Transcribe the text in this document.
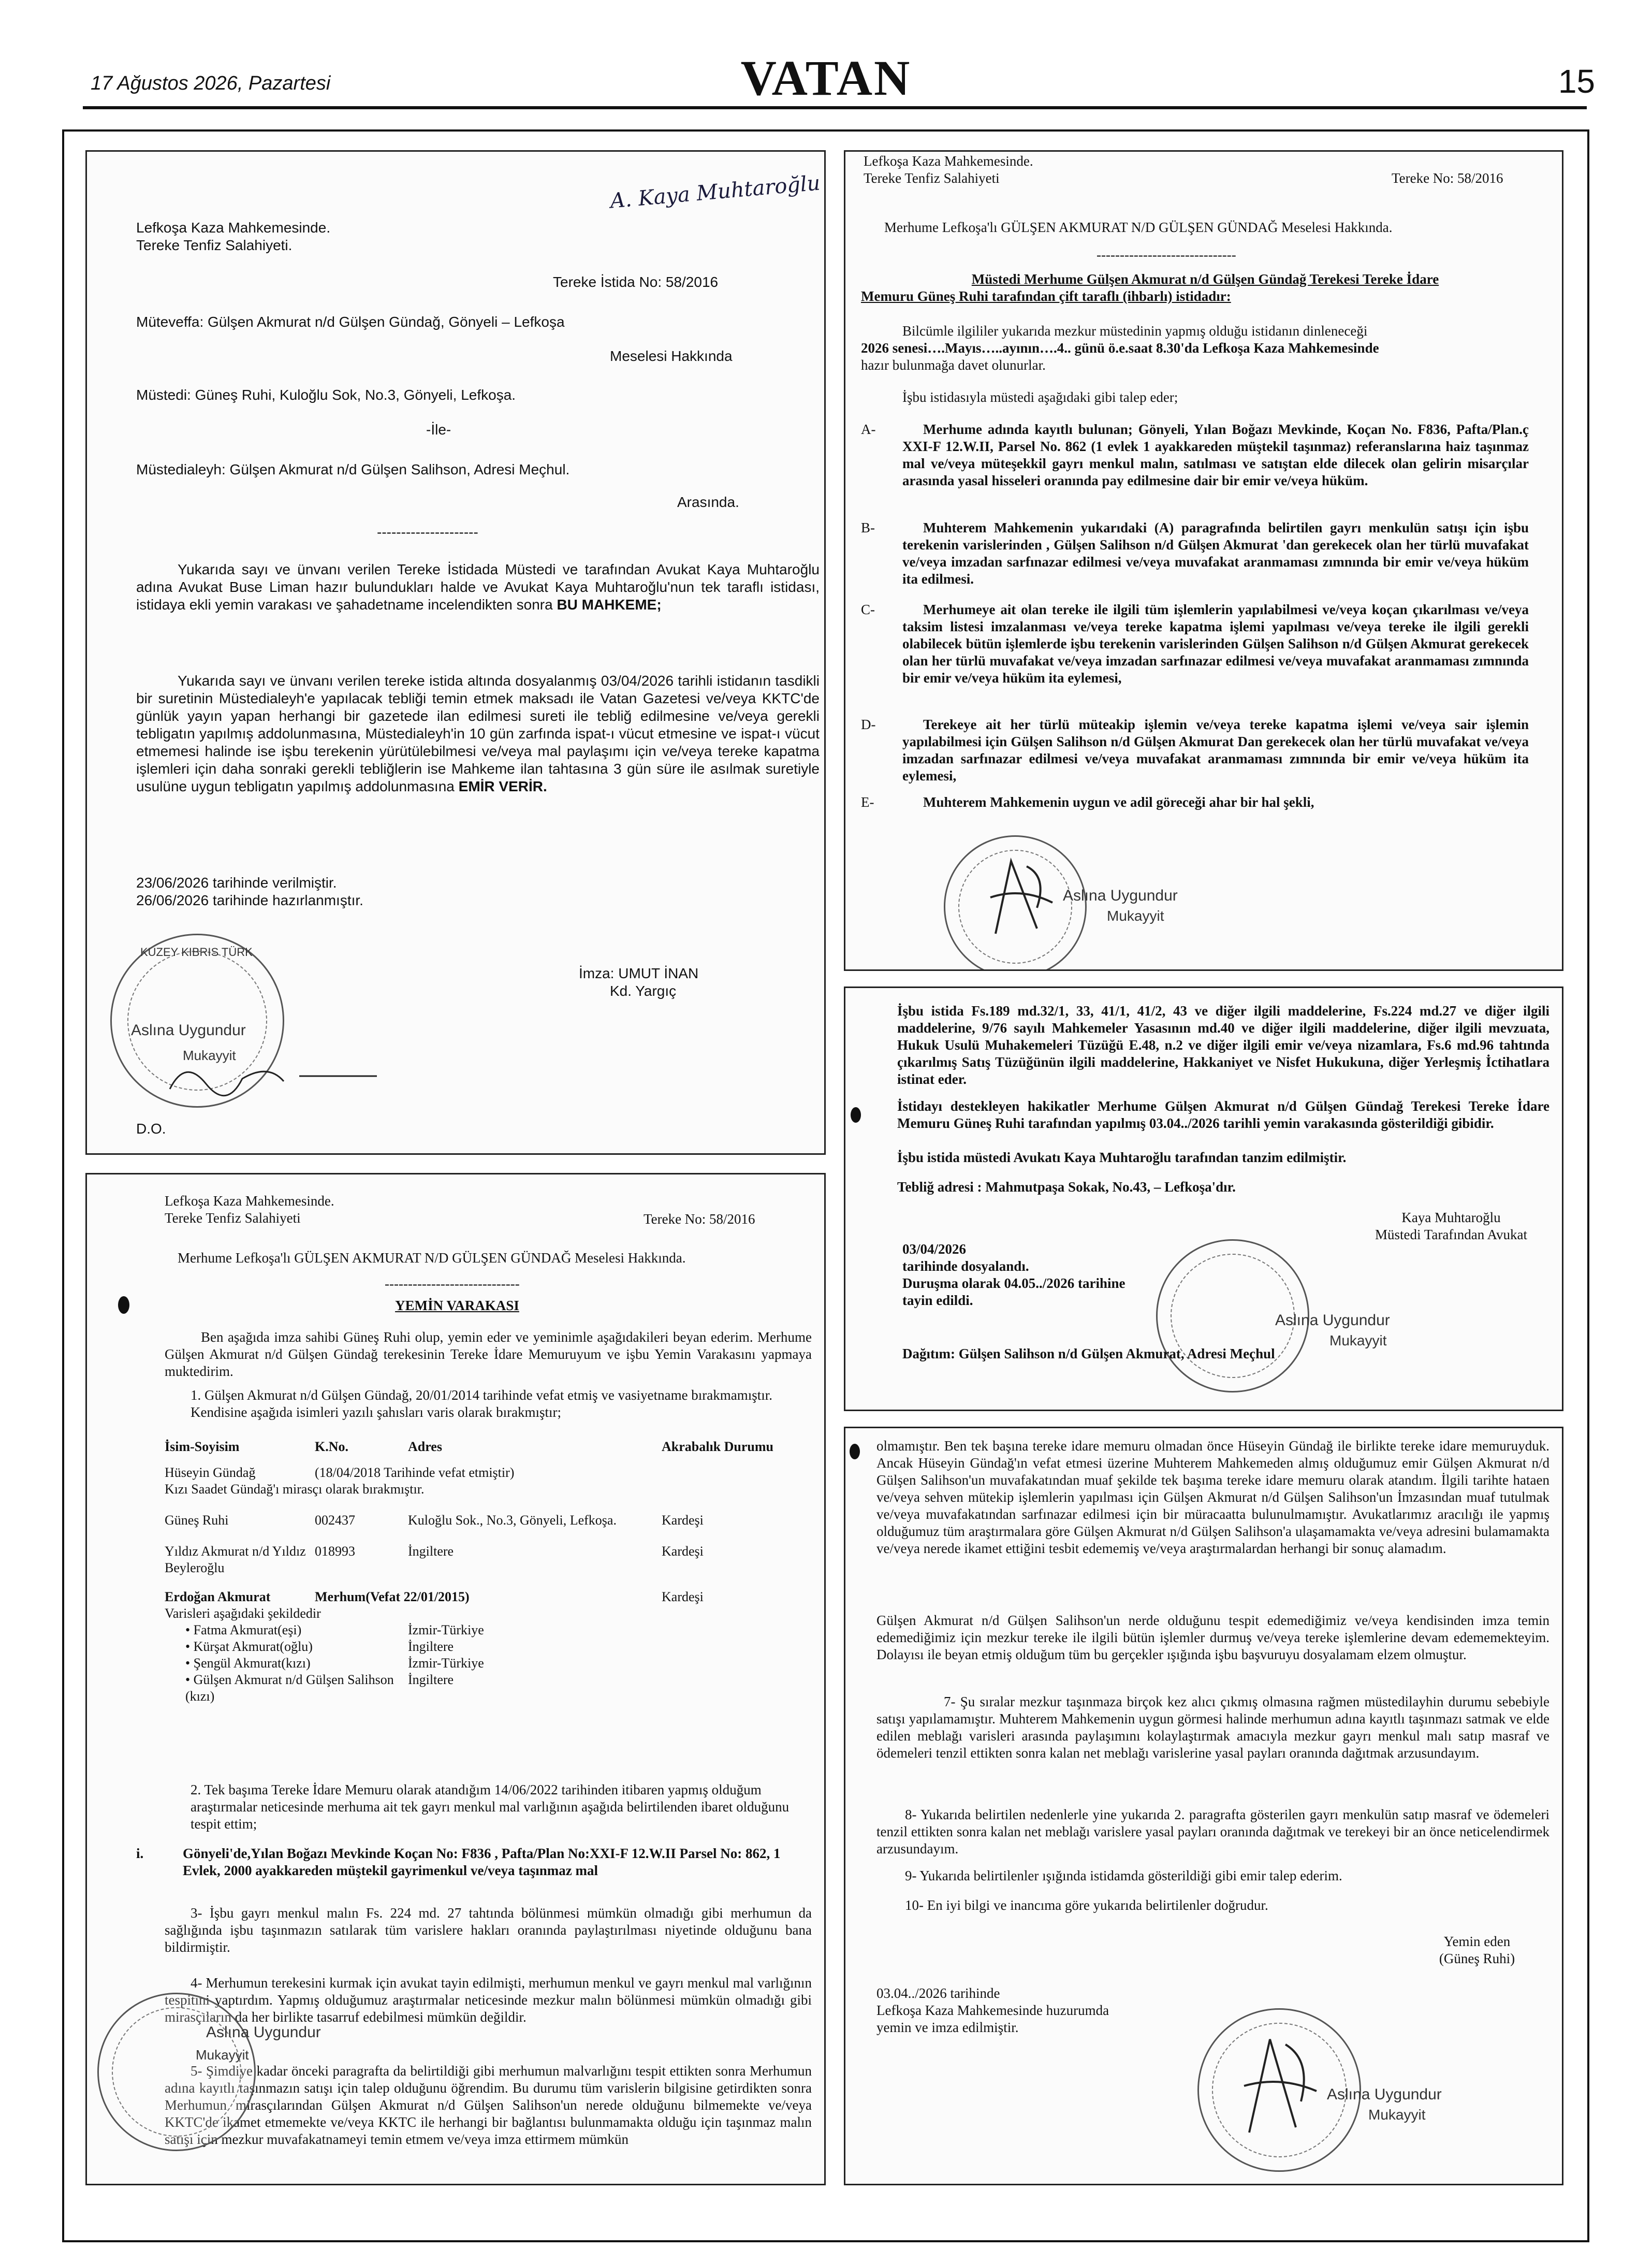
17 Ağustos 2026, Pazartesi	VATAN	15
A. Kaya Muhtaroğlu

Lefkoşa Kaza Mahkemesinde.

Tereke Tenfiz Salahiyeti.

Tereke İstida No: 58/2016
Müteveffa: Gülşen Akmurat n/d Gülşen Gündağ, Gönyeli – Lefkoşa
Meselesi Hakkında
Müstedi: Güneş Ruhi, Kuloğlu Sok, No.3, Gönyeli, Lefkoşa.
-İle-
Müstedialeyh: Gülşen Akmurat n/d Gülşen Salihson, Adresi Meçhul.
Arasında.
---------------------
Yukarıda sayı ve ünvanı verilen Tereke İstidada Müstedi ve tarafından Avukat Kaya Muhtaroğlu adına Avukat Buse Liman hazır bulundukları halde ve Avukat Kaya Muhtaroğlu'nun tek taraflı istidası, istidaya ekli yemin varakası ve şahadetname incelendikten sonra BU MAHKEME;
Yukarıda sayı ve ünvanı verilen tereke istida altında dosyalanmış 03/04/2026 tarihli istidanın tasdikli bir suretinin Müstedialeyh'e yapılacak tebliği temin etmek maksadı ile Vatan Gazetesi ve/veya KKTC'de günlük yayın yapan herhangi bir gazetede ilan edilmesi sureti ile tebliğ edilmesine ve/veya gerekli tebligatın yapılmış addolunmasına, Müstedialeyh'in 10 gün zarfında ispat-ı vücut etmesine ve ispat-ı vücut etmemesi halinde ise işbu terekenin yürütülebilmesi ve/veya mal paylaşımı için ve/veya tereke kapatma işlemleri için daha sonraki gerekli tebliğlerin ise Mahkeme ilan tahtasına 3 gün süre ile asılmak suretiyle usulüne uygun tebligatın yapılmış addolunmasına EMİR VERİR.

23/06/2026 tarihinde verilmiştir.

26/06/2026 tarihinde hazırlanmıştır.

İmza: UMUT İNAN

Kd. Yargıç

KUZEY KIBRIS TÜRK
Aslına Uygundur
Mukayyit
D.O.

Lefkoşa Kaza Mahkemesinde.

Tereke Tenfiz Salahiyeti	Tereke No: 58/2016
Merhume Lefkoşa'lı GÜLŞEN AKMURAT N/D GÜLŞEN GÜNDAĞ Meselesi Hakkında.
------------------------------

Müstedi Merhume Gülşen Akmurat n/d Gülşen Gündağ Terekesi Tereke İdare

Memuru Güneş Ruhi tarafından çift taraflı (ihbarlı) istidadır:

Bilcümle ilgililer yukarıda mezkur müstedinin yapmış olduğu istidanın dinleneceği

2026 senesi….Mayıs…..ayının….4.. günü ö.e.saat 8.30'da Lefkoşa Kaza Mahkemesinde

hazır bulunmağa davet olunurlar.

İşbu istidasıyla müstedi aşağıdaki gibi talep eder;
A-	Merhume adında kayıtlı bulunan; Gönyeli, Yılan Boğazı Mevkinde, Koçan No. F836, Pafta/Plan.ç XXI-F 12.W.II, Parsel No. 862 (1 evlek 1 ayakkareden müştekil taşınmaz) referanslarına haiz taşınmaz mal ve/veya müteşekkil gayrı menkul malın, satılması ve satıştan elde dilecek olan gelirin misarçılar arasında yasal hisseleri oranında pay edilmesine dair bir emir ve/veya hüküm.
B-	Muhterem Mahkemenin yukarıdaki (A) paragrafında belirtilen gayrı menkulün satışı için işbu terekenin varislerinden , Gülşen Salihson n/d Gülşen Akmurat 'dan gerekecek olan her türlü muvafakat ve/veya imzadan sarfınazar edilmesi ve/veya muvafakat aranmaması zımnında bir emir ve/veya hüküm ita edilmesi.
C-	Merhumeye ait olan tereke ile ilgili tüm işlemlerin yapılabilmesi ve/veya koçan çıkarılması ve/veya taksim listesi imzalanması ve/veya tereke kapatma işlemi yapılması ve/veya tereke ile ilgili gerekli olabilecek bütün işlemlerde işbu terekenin varislerinden Gülşen Salihson n/d Gülşen Akmurat gerekecek olan her türlü muvafakat ve/veya imzadan sarfınazar edilmesi ve/veya muvafakat aranmaması zımnında bir emir ve/veya hüküm ita eylemesi,
D-	Terekeye ait her türlü müteakip işlemin ve/veya tereke kapatma işlemi ve/veya sair işlemin yapılabilmesi için Gülşen Salihson n/d Gülşen Akmurat Dan gerekecek olan her türlü muvafakat ve/veya imzadan sarfınazar edilmesi ve/veya muvafakat aranmaması zımnında bir emir ve/veya hüküm ita eylemesi,
E-	Muhterem Mahkemenin uygun ve adil göreceği ahar bir hal şekli,
Aslına Uygundur
Mukayyit
İşbu istida Fs.189 md.32/1, 33, 41/1, 41/2, 43 ve diğer ilgili maddelerine, Fs.224 md.27 ve diğer ilgili maddelerine, 9/76 sayılı Mahkemeler Yasasının md.40 ve diğer ilgili maddelerine, diğer ilgili mevzuata, Hukuk Usulü Muhakemeleri Tüzüğü E.48, n.2 ve diğer ilgili emir ve/veya nizamlara, Fs.6 md.96 tahtında çıkarılmış Satış Tüzüğünün ilgili maddelerine, Hakkaniyet ve Nisfet Hukukuna, diğer Yerleşmiş İctihatlara istinat eder.
İstidayı destekleyen hakikatler Merhume Gülşen Akmurat n/d Gülşen Gündağ Terekesi Tereke İdare Memuru Güneş Ruhi tarafından yapılmış 03.04../2026 tarihli yemin varakasında gösterildiği gibidir.
İşbu istida müstedi Avukatı Kaya Muhtaroğlu tarafından tanzim edilmiştir.
Tebliğ adresi : Mahmutpaşa Sokak, No.43, – Lefkoşa'dır.

Kaya Muhtaroğlu

Müstedi Tarafından Avukat

03/04/2026

tarihinde dosyalandı.

Duruşma olarak 04.05../2026 tarihine

tayin edildi.

Aslına Uygundur
Mukayyit
Dağıtım: Gülşen Salihson n/d Gülşen Akmurat, Adresi Meçhul

Lefkoşa Kaza Mahkemesinde.

Tereke Tenfiz Salahiyeti	Tereke No: 58/2016
Merhume Lefkoşa'lı GÜLŞEN AKMURAT N/D GÜLŞEN GÜNDAĞ Meselesi Hakkında.
-----------------------------
YEMİN VARAKASI
Ben aşağıda imza sahibi Güneş Ruhi olup, yemin eder ve yeminimle aşağıdakileri beyan ederim. Merhume Gülşen Akmurat n/d Gülşen Gündağ terekesinin Tereke İdare Memuruyum ve işbu Yemin Varakasını yapmaya muktedirim.
1. Gülşen Akmurat n/d Gülşen Gündağ, 20/01/2014 tarihinde vefat etmiş ve vasiyetname bırakmamıştır. Kendisine aşağıda isimleri yazılı şahısları varis olarak bırakmıştır;
İsim-Soyisim	K.No.	Adres	Akrabalık Durumu

Hüseyin Gündağ	(18/04/2018 Tarihinde vefat etmiştir)		
Kızı Saadet Gündağ'ı mirasçı olarak bırakmıştır.			

Güneş Ruhi	002437	Kuloğlu Sok., No.3, Gönyeli, Lefkoşa.	Kardeşi

Yıldız Akmurat n/d Yıldız Beyleroğlu	018993	İngiltere	Kardeşi

Erdoğan Akmurat	Merhum(Vefat 22/01/2015)		Kardeşi
Varisleri aşağıdaki şekildedir			
• Fatma Akmurat(eşi)		İzmir-Türkiye	
• Kürşat Akmurat(oğlu)		İngiltere	
• Şengül Akmurat(kızı)		İzmir-Türkiye	
• Gülşen Akmurat n/d Gülşen Salihson (kızı)		İngiltere	
2. Tek başıma Tereke İdare Memuru olarak atandığım 14/06/2022 tarihinden itibaren yapmış olduğum araştırmalar neticesinde merhuma ait tek gayrı menkul mal varlığının aşağıda belirtilenden ibaret olduğunu tespit ettim;
i.	Gönyeli'de,Yılan Boğazı Mevkinde Koçan No: F836 , Pafta/Plan No:XXI-F 12.W.II Parsel No: 862, 1 Evlek, 2000 ayakkareden müştekil gayrimenkul ve/veya taşınmaz mal
3- İşbu gayrı menkul malın Fs. 224 md. 27 tahtında bölünmesi mümkün olmadığı gibi merhumun da sağlığında işbu taşınmazın satılarak tüm varislere hakları oranında paylaştırılması niyetinde olduğunu bana bildirmiştir.
4- Merhumun terekesini kurmak için avukat tayin edilmişti, merhumun menkul ve gayrı menkul mal varlığının tespitini yaptırdım. Yapmış olduğumuz araştırmalar neticesinde mezkur malın bölünmesi mümkün olmadığı gibi mirasçıların da her birlikte tasarruf edebilmesi mümkün değildir.
5- Şimdiye kadar önceki paragrafta da belirtildiği gibi merhumun malvarlığını tespit ettikten sonra Merhumun adına kayıtlı taşınmazın satışı için talep olduğunu öğrendim. Bu durumu tüm varislerin bilgisine getirdikten sonra Merhumun mirasçılarından Gülşen Akmurat n/d Gülşen Salihson'un nerede olduğunu bilmemekte ve/veya KKTC'de ikamet etmemekte ve/veya KKTC ile herhangi bir bağlantısı bulunmamakta olduğu için taşınmaz malın satışı için mezkur muvafakatnameyi temin etmem ve/veya imza ettirmem mümkün
Aslına Uygundur
Mukayyit
olmamıştır. Ben tek başına tereke idare memuru olmadan önce Hüseyin Gündağ ile birlikte tereke idare memuruyduk. Ancak Hüseyin Gündağ'ın vefat etmesi üzerine Muhterem Mahkemeden almış olduğumuz emir Gülşen Akmurat n/d Gülşen Salihson'un muvafakatından muaf şekilde tek başıma tereke idare memuru olarak atandım. İlgili tarihte hataen ve/veya sehven mütekip işlemlerin yapılması için Gülşen Akmurat n/d Gülşen Salihson'un İmzasından muaf tutulmak ve/veya muvafakatından sarfınazar edilmesi için bir müracaatta bulunulmamıştır. Avukatlarımız aracılığı ile yapmış olduğumuz tüm araştırmalara göre Gülşen Akmurat n/d Gülşen Salihson'a ulaşamamakta ve/veya adresini bulamamakta ve/veya nerede ikamet ettiğini tesbit edememiş ve/veya araştırmalardan herhangi bir sonuç alamadım.
Gülşen Akmurat n/d Gülşen Salihson'un nerde olduğunu tespit edemediğimiz ve/veya kendisinden imza temin edemediğimiz için mezkur tereke ile ilgili bütün işlemler durmuş ve/veya tereke işlemlerine devam edememekteyim. Dolayısı ile beyan etmiş olduğum tüm bu gerçekler ışığında işbu başvuruyu dosyalamam elzem olmuştur.
7- Şu sıralar mezkur taşınmaza birçok kez alıcı çıkmış olmasına rağmen müstedilayhin durumu sebebiyle satışı yapılamamıştır. Muhterem Mahkemenin uygun görmesi halinde merhumun adına kayıtlı taşınmazı satmak ve elde edilen meblağı varisleri arasında paylaşımını kolaylaştırmak amacıyla mezkur gayrı menkul malı satıp masraf ve ödemeleri tenzil ettikten sonra kalan net meblağı varislerine yasal payları oranında dağıtmak arzusundayım.
8- Yukarıda belirtilen nedenlerle yine yukarıda 2. paragrafta gösterilen gayrı menkulün satıp masraf ve ödemeleri tenzil ettikten sonra kalan net meblağı varislere yasal payları oranında dağıtmak ve terekeyi bir an önce neticelendirmek arzusundayım.
9- Yukarıda belirtilenler ışığında istidamda gösterildiği gibi emir talep ederim.
10- En iyi bilgi ve inancıma göre yukarıda belirtilenler doğrudur.

Yemin eden

(Güneş Ruhi)

03.04../2026 tarihinde

Lefkoşa Kaza Mahkemesinde huzurumda

yemin ve imza edilmiştir.

Aslına Uygundur
Mukayyit
